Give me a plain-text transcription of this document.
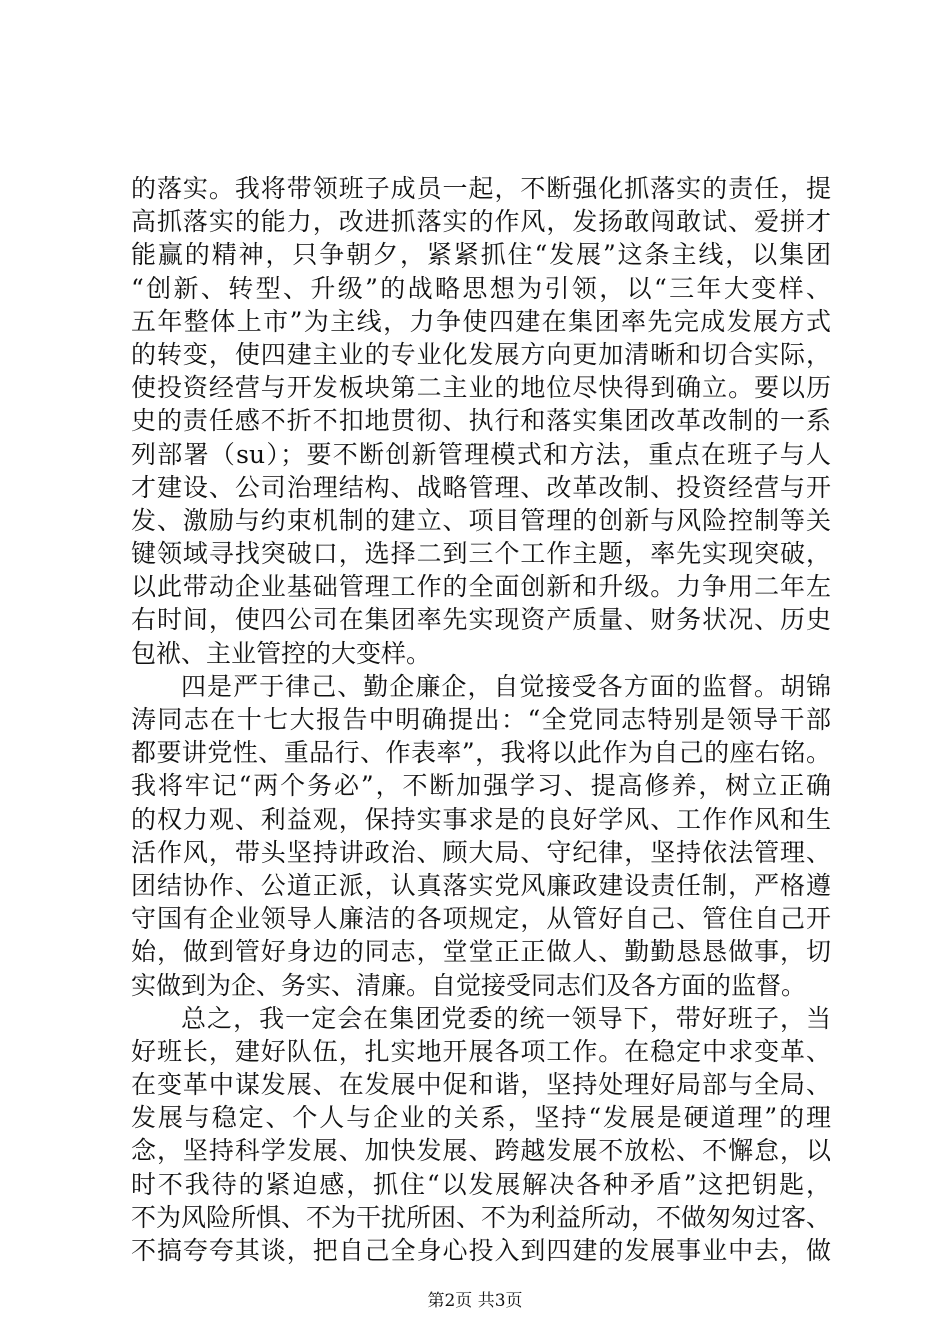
的落实。我将带领班子成员一起，不断强化抓落实的责任，提
高抓落实的能力，改进抓落实的作风，发扬敢闯敢试、爱拼才
能赢的精神，只争朝夕，紧紧抓住“发展”这条主线，以集团
“创新、转型、升级”的战略思想为引领，以“三年大变样、
五年整体上市”为主线，力争使四建在集团率先完成发展方式
的转变，使四建主业的专业化发展方向更加清晰和切合实际，
使投资经营与开发板块第二主业的地位尽快得到确立。要以历
史的责任感不折不扣地贯彻、执行和落实集团改革改制的一系
列部署（su）；要不断创新管理模式和方法，重点在班子与人
才建设、公司治理结构、战略管理、改革改制、投资经营与开
发、激励与约束机制的建立、项目管理的创新与风险控制等关
键领域寻找突破口，选择二到三个工作主题，率先实现突破，
以此带动企业基础管理工作的全面创新和升级。力争用二年左
右时间，使四公司在集团率先实现资产质量、财务状况、历史
包袱、主业管控的大变样。
四是严于律己、勤企廉企，自觉接受各方面的监督。胡锦
涛同志在十七大报告中明确提出：“全党同志特别是领导干部
都要讲党性、重品行、作表率”，我将以此作为自己的座右铭。
我将牢记“两个务必”，不断加强学习、提高修养，树立正确
的权力观、利益观，保持实事求是的良好学风、工作作风和生
活作风，带头坚持讲政治、顾大局、守纪律，坚持依法管理、
团结协作、公道正派，认真落实党风廉政建设责任制，严格遵
守国有企业领导人廉洁的各项规定，从管好自己、管住自己开
始，做到管好身边的同志，堂堂正正做人、勤勤恳恳做事，切
实做到为企、务实、清廉。自觉接受同志们及各方面的监督。
总之，我一定会在集团党委的统一领导下，带好班子，当
好班长，建好队伍，扎实地开展各项工作。在稳定中求变革、
在变革中谋发展、在发展中促和谐，坚持处理好局部与全局、
发展与稳定、个人与企业的关系，坚持“发展是硬道理”的理
念，坚持科学发展、加快发展、跨越发展不放松、不懈怠，以
时不我待的紧迫感，抓住“以发展解决各种矛盾”这把钥匙，
不为风险所惧、不为干扰所困、不为利益所动，不做匆匆过客、
不搞夸夸其谈，把自己全身心投入到四建的发展事业中去，做
第2页 共3页
